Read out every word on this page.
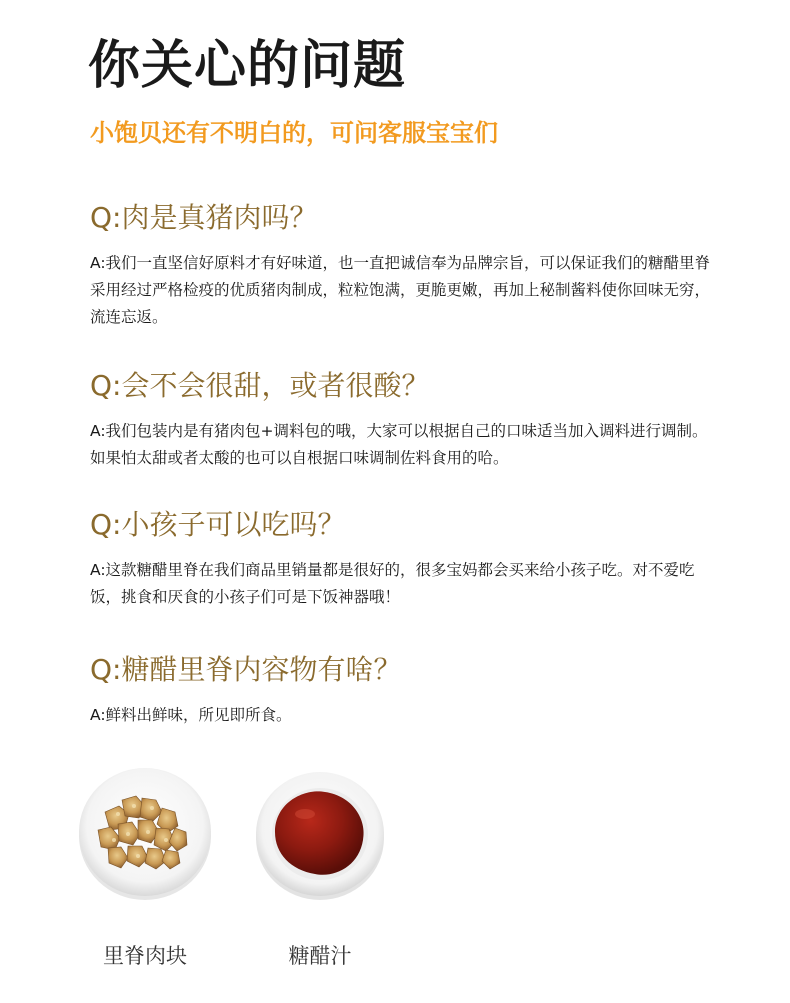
你关心的问题
小饱贝还有不明白的，可问客服宝宝们
Q:肉是真猪肉吗？

A:我们一直坚信好原料才有好味道，也一直把诚信奉为品牌宗旨，可以保证我们的糖醋里脊采用经过严格检疫的优质猪肉制成，粒粒饱满，更脆更嫩，再加上秘制酱料使你回味无穷，流连忘返。

Q:会不会很甜，或者很酸？

A:我们包装内是有猪肉包+调料包的哦，大家可以根据自己的口味适当加入调料进行调制。如果怕太甜或者太酸的也可以自根据口味调制佐料食用的哈。

Q:小孩子可以吃吗？

A:这款糖醋里脊在我们商品里销量都是很好的，很多宝妈都会买来给小孩子吃。对不爱吃饭，挑食和厌食的小孩子们可是下饭神器哦！

Q:糖醋里脊内容物有啥？

A:鲜料出鲜味，所见即所食。

里脊肉块	糖醋汁
